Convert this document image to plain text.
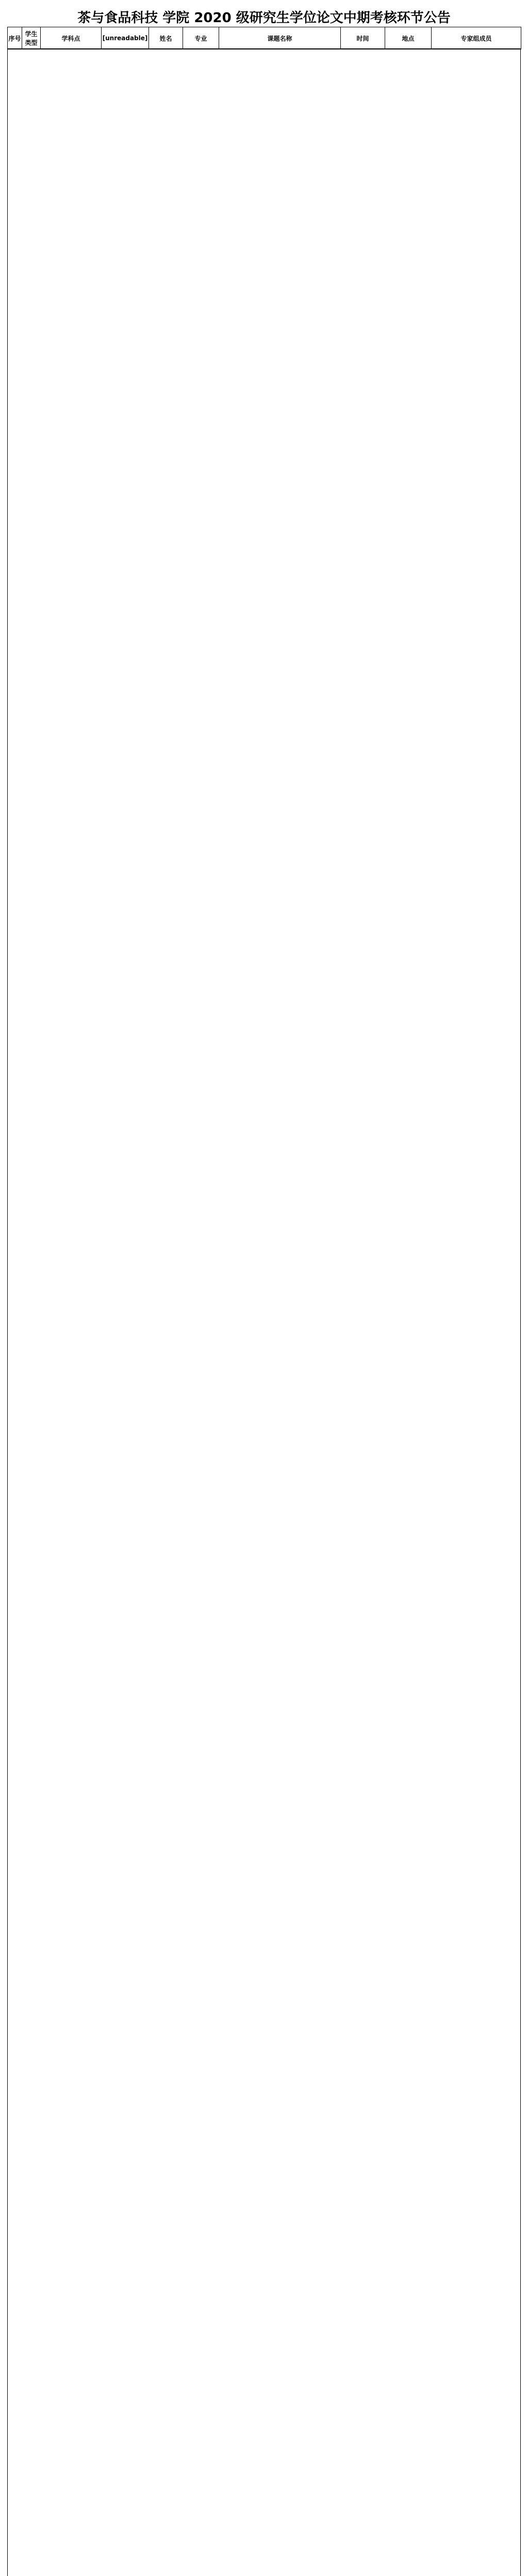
茶与食品科技 学院 2020 级研究生学位论文中期考核环节公告
序号	学生类型	学科点	[unreadable]	姓名	专业	课题名称	时间	地点	专家组成员
